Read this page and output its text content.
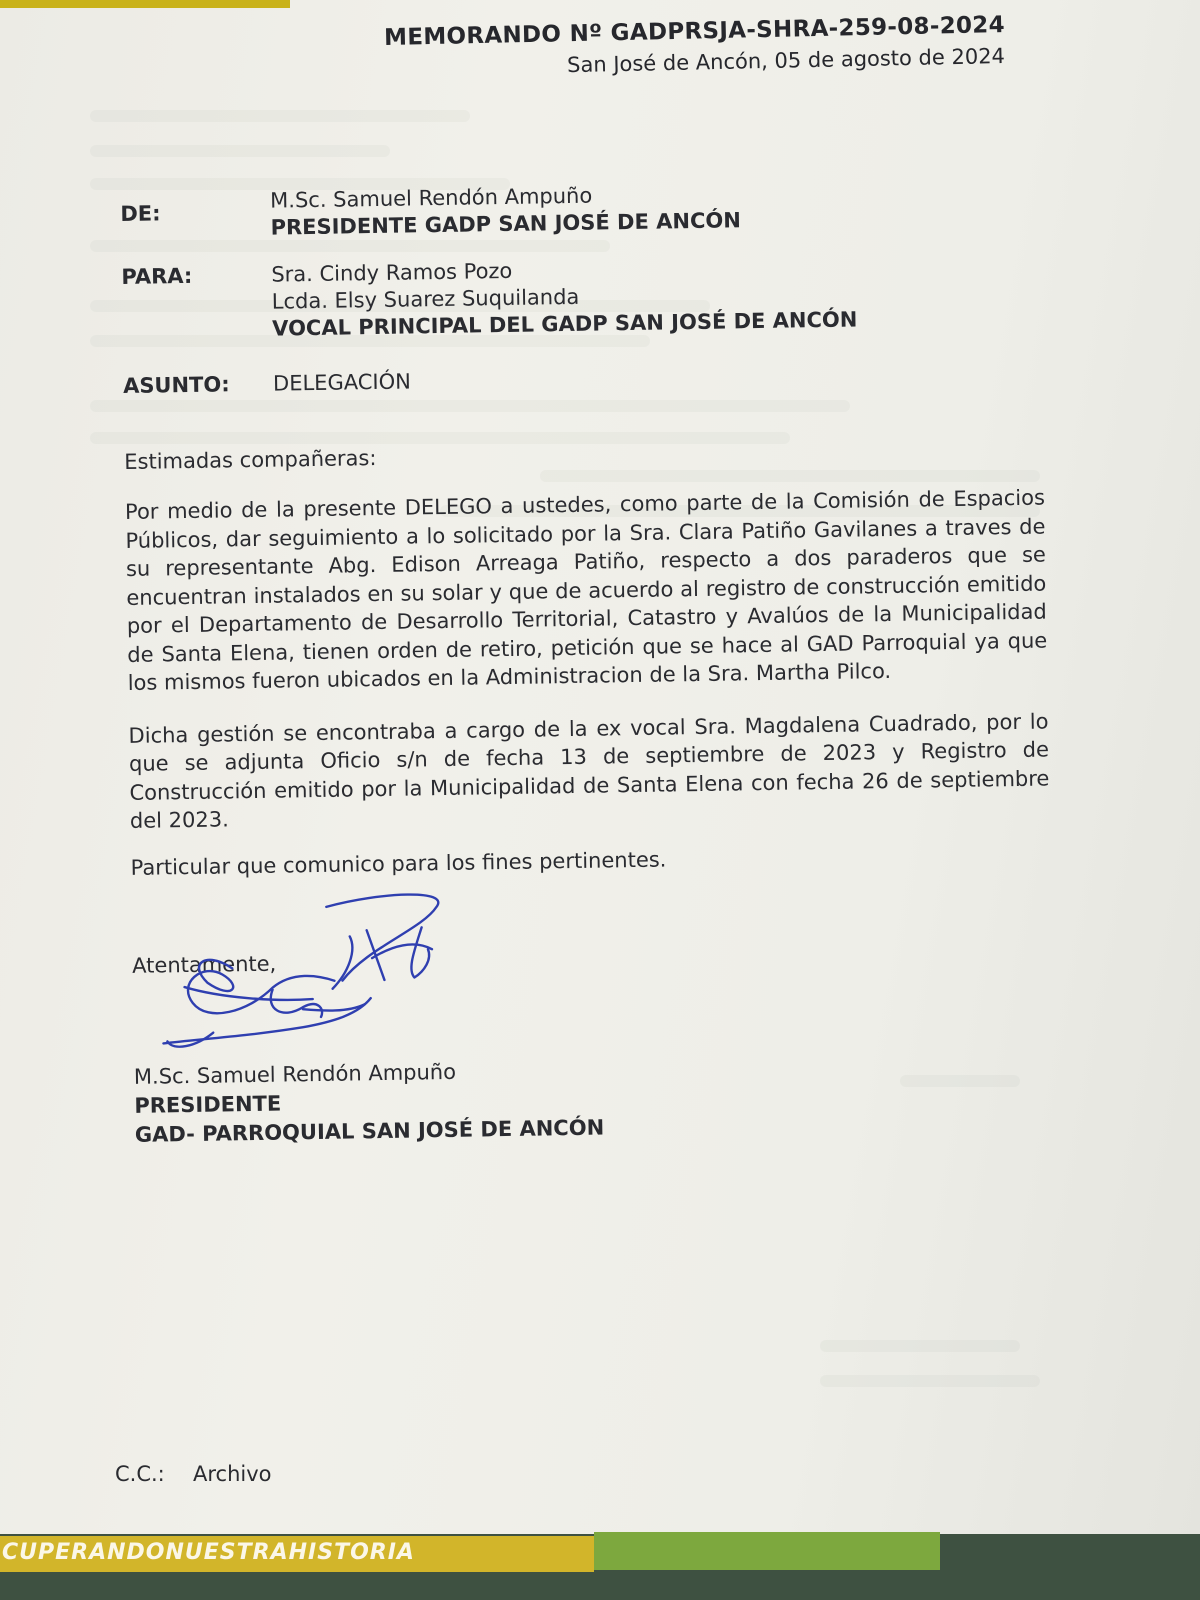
MEMORANDO Nº GADPRSJA-SHRA-259-08-2024
San José de Ancón, 05 de agosto de 2024
DE:
M.Sc. Samuel Rendón Ampuño
PRESIDENTE GADP SAN JOSÉ DE ANCÓN
PARA:	Sra. Cindy Ramos Pozo
Lcda. Elsy Suarez Suquilanda
VOCAL PRINCIPAL DEL GADP SAN JOSÉ DE ANCÓN
ASUNTO:	DELEGACIÓN
Estimadas compañeras:
Por medio de la presente DELEGO a ustedes, como parte de la Comisión de Espacios Públicos, dar seguimiento a lo solicitado por la Sra. Clara Patiño Gavilanes a traves de su representante Abg. Edison Arreaga Patiño, respecto a dos paraderos que se encuentran instalados en su solar y que de acuerdo al registro de construcción emitido por el Departamento de Desarrollo Territorial, Catastro y Avalúos de la Municipalidad de Santa Elena, tienen orden de retiro, petición que se hace al GAD Parroquial ya que los mismos fueron ubicados en la Administracion de la Sra. Martha Pilco.
Dicha gestión se encontraba a cargo de la ex vocal Sra. Magdalena Cuadrado, por lo que se adjunta Oficio s/n de fecha 13 de septiembre de 2023 y Registro de Construcción emitido por la Municipalidad de Santa Elena con fecha 26 de septiembre del 2023.
Particular que comunico para los fines pertinentes.
Atentamente,
M.Sc. Samuel Rendón Ampuño
PRESIDENTE
GAD- PARROQUIAL SAN JOSÉ DE ANCÓN
C.C.:	Archivo
CUPERANDONUESTRAHISTORIA
